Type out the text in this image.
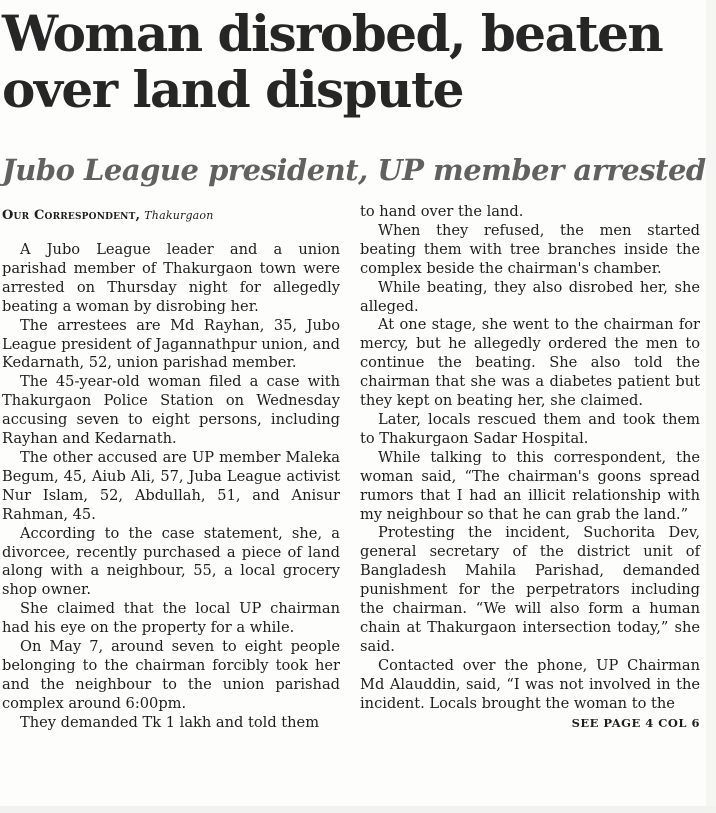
Woman disrobed, beaten
over land dispute
Jubo League president, UP member arrested
Our Correspondent, Thakurgaon

A Jubo League leader and a union parishad member of Thakurgaon town were arrested on Thursday night for allegedly beating a woman by disrobing her.

The arrestees are Md Rayhan, 35, Jubo League president of Jagannathpur union, and Kedarnath, 52, union parishad member.

The 45-year-old woman filed a case with Thakurgaon Police Station on Wednesday accusing seven to eight persons, including Rayhan and Kedarnath.

The other accused are UP member Maleka Begum, 45, Aiub Ali, 57, Juba League activist Nur Islam, 52, Abdullah, 51, and Anisur Rahman, 45.

According to the case statement, she, a divorcee, recently purchased a piece of land along with a neighbour, 55, a local grocery shop owner.

She claimed that the local UP chairman had his eye on the property for a while.

On May 7, around seven to eight people belonging to the chairman forcibly took her and the neighbour to the union parishad complex around 6:00pm.

They demanded Tk 1 lakh and told them

to hand over the land.

When they refused, the men started beating them with tree branches inside the complex beside the chairman's chamber.

While beating, they also disrobed her, she alleged.

At one stage, she went to the chairman for mercy, but he allegedly ordered the men to continue the beating. She also told the chairman that she was a diabetes patient but they kept on beating her, she claimed.

Later, locals rescued them and took them to Thakurgaon Sadar Hospital.

While talking to this correspondent, the woman said, “The chairman's goons spread rumors that I had an illicit relationship with my neighbour so that he can grab the land.”

Protesting the incident, Suchorita Dev, general secretary of the district unit of Bangladesh Mahila Parishad, demanded punishment for the perpetrators including the chairman. “We will also form a human chain at Thakurgaon intersection today,” she said.

Contacted over the phone, UP Chairman Md Alauddin, said, “I was not involved in the incident. Locals brought the woman to the

SEE PAGE 4 COL 6
